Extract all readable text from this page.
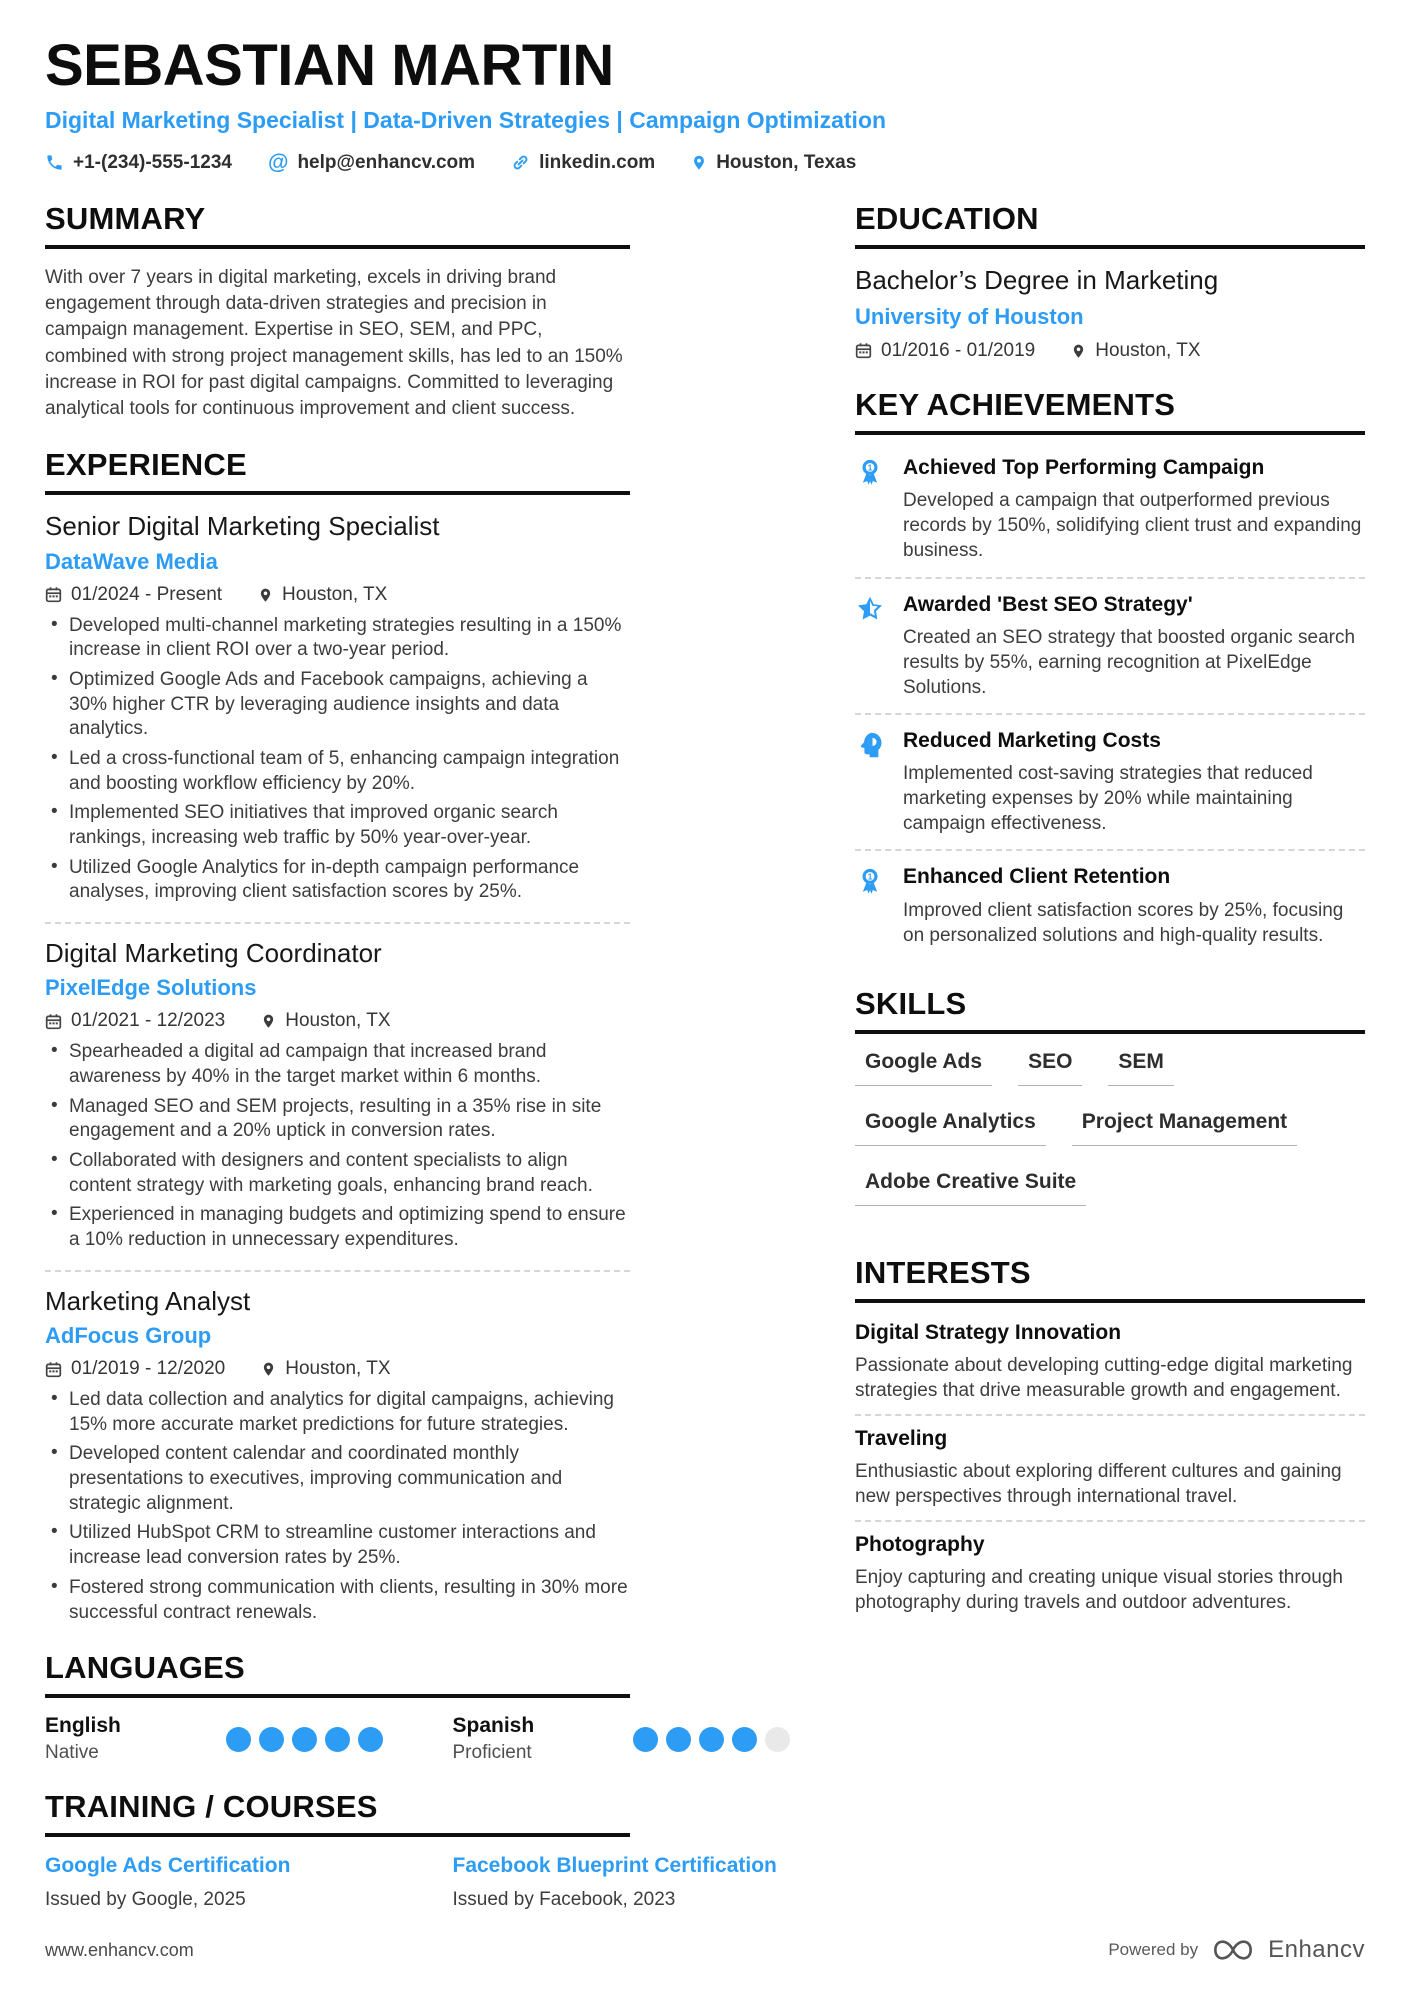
SEBASTIAN MARTIN
Digital Marketing Specialist | Data-Driven Strategies | Campaign Optimization
+1-(234)-555-1234 @ help@enhancv.com	linkedin.com	Houston, Texas
SUMMARY
With over 7 years in digital marketing, excels in driving brand engagement through data-driven strategies and precision in campaign management. Expertise in SEO, SEM, and PPC, combined with strong project management skills, has led to an 150% increase in ROI for past digital campaigns. Committed to leveraging analytical tools for continuous improvement and client success.
EXPERIENCE
Senior Digital Marketing Specialist
DataWave Media
01/2024 - Present	Houston, TX
• Developed multi-channel marketing strategies resulting in a 150% increase in client ROI over a two-year period.
• Optimized Google Ads and Facebook campaigns, achieving a 30% higher CTR by leveraging audience insights and data analytics.
• Led a cross-functional team of 5, enhancing campaign integration and boosting workflow efficiency by 20%.
• Implemented SEO initiatives that improved organic search rankings, increasing web traffic by 50% year-over-year.
• Utilized Google Analytics for in-depth campaign performance analyses, improving client satisfaction scores by 25%.
Digital Marketing Coordinator
PixelEdge Solutions
01/2021 - 12/2023	Houston, TX
• Spearheaded a digital ad campaign that increased brand awareness by 40% in the target market within 6 months.
• Managed SEO and SEM projects, resulting in a 35% rise in site engagement and a 20% uptick in conversion rates.
• Collaborated with designers and content specialists to align content strategy with marketing goals, enhancing brand reach.
• Experienced in managing budgets and optimizing spend to ensure a 10% reduction in unnecessary expenditures.
Marketing Analyst
AdFocus Group
01/2019 - 12/2020	Houston, TX
• Led data collection and analytics for digital campaigns, achieving 15% more accurate market predictions for future strategies.
• Developed content calendar and coordinated monthly presentations to executives, improving communication and strategic alignment.
• Utilized HubSpot CRM to streamline customer interactions and increase lead conversion rates by 25%.
• Fostered strong communication with clients, resulting in 30% more successful contract renewals.
LANGUAGES
English
Native
Spanish
Proficient
TRAINING / COURSES
Google Ads Certification
Issued by Google, 2025
Facebook Blueprint Certification
Issued by Facebook, 2023
EDUCATION
Bachelor’s Degree in Marketing
University of Houston
01/2016 - 01/2019	Houston, TX
KEY ACHIEVEMENTS
1 Achieved Top Performing Campaign
Developed a campaign that outperformed previous records by 150%, solidifying client trust and expanding business.
Awarded 'Best SEO Strategy'
Created an SEO strategy that boosted organic search results by 55%, earning recognition at PixelEdge Solutions.
Reduced Marketing Costs
Implemented cost-saving strategies that reduced marketing expenses by 20% while maintaining campaign effectiveness.
1 Enhanced Client Retention
Improved client satisfaction scores by 25%, focusing on personalized solutions and high-quality results.
SKILLS
Google Ads SEO SEMGoogle Analytics Project ManagementAdobe Creative Suite
INTERESTS
Digital Strategy Innovation
Passionate about developing cutting-edge digital marketing strategies that drive measurable growth and engagement.
Traveling
Enthusiastic about exploring different cultures and gaining new perspectives through international travel.
Photography
Enjoy capturing and creating unique visual stories through photography during travels and outdoor adventures.
www.enhancv.com	Powered by	Enhancv
